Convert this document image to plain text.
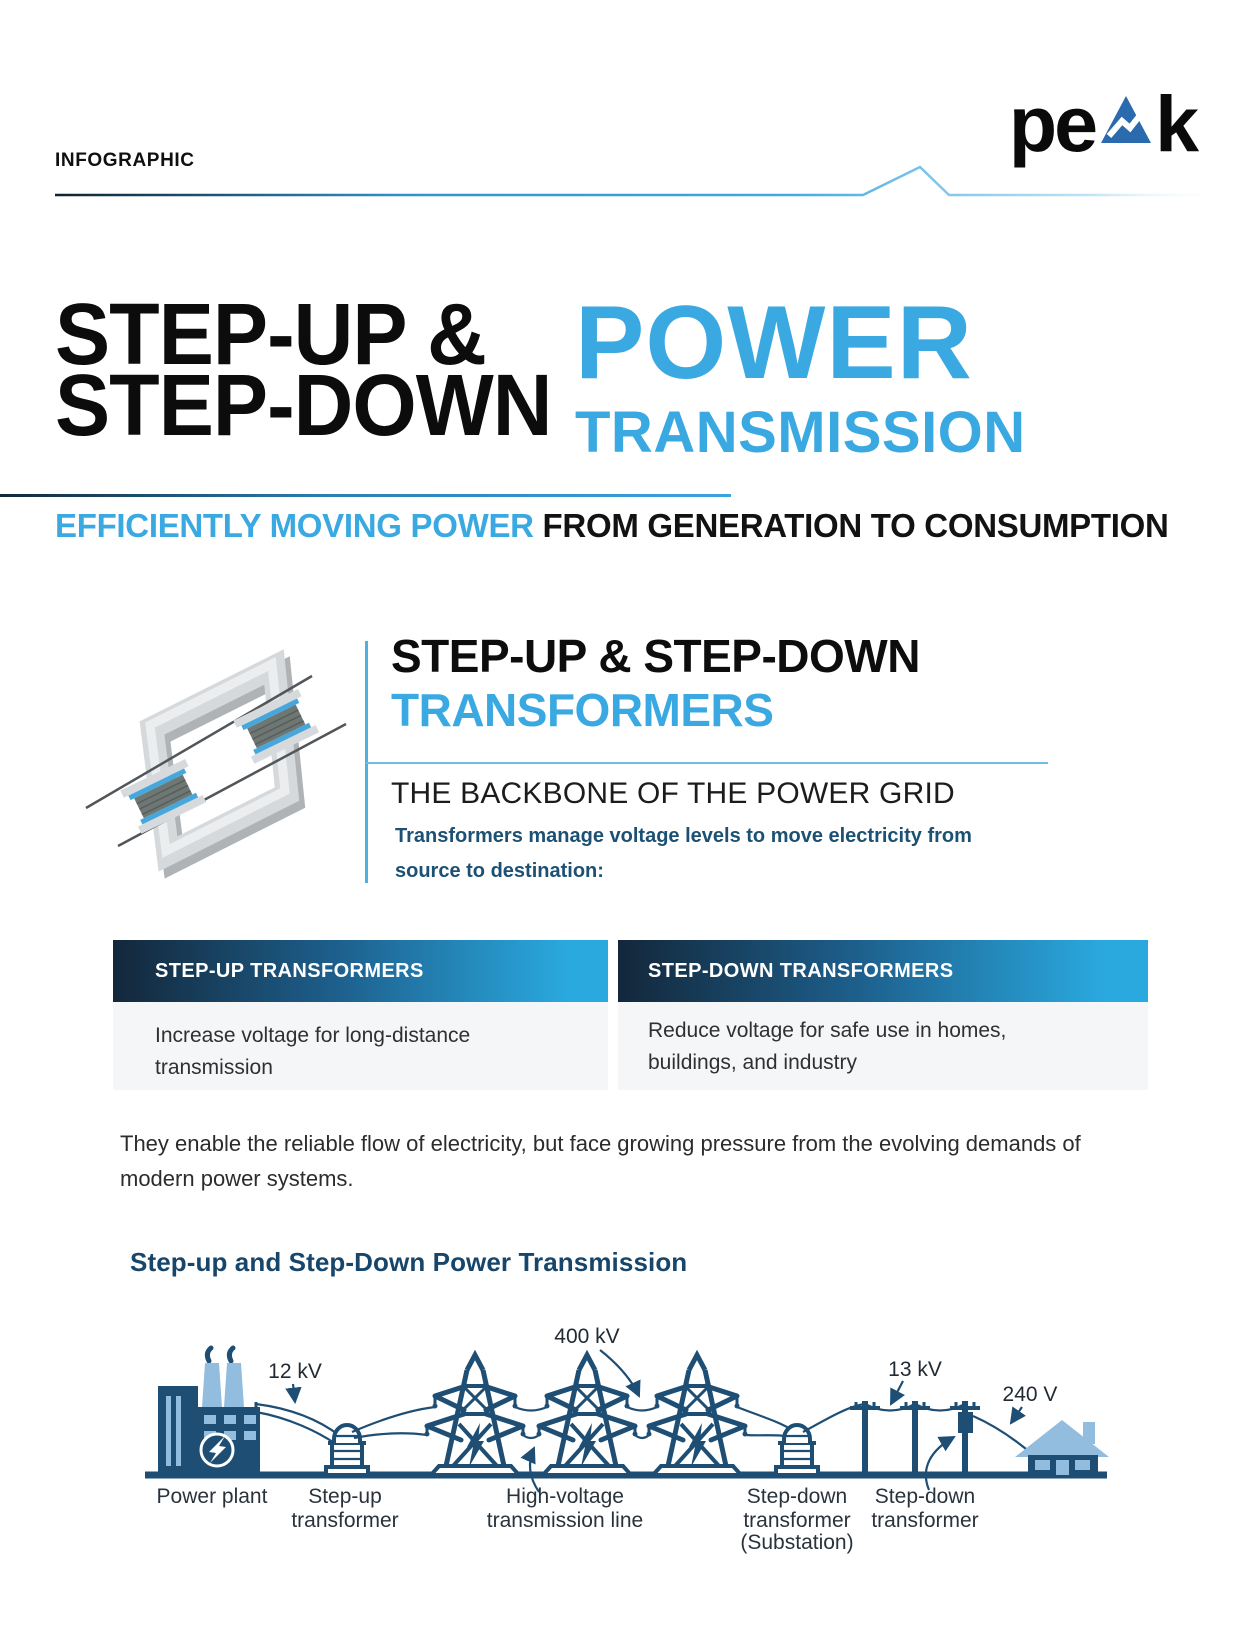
INFOGRAPHIC	pe k
STEP-UP &
STEP-DOWN
POWER
TRANSMISSION
EFFICIENTLY MOVING POWER FROM GENERATION TO CONSUMPTION
STEP-UP & STEP-DOWN
TRANSFORMERS
THE BACKBONE OF THE POWER GRID
Transformers manage voltage levels to move electricity from source to destination:
STEP-UP TRANSFORMERS
Increase voltage for long-distance transmission
STEP-DOWN TRANSFORMERS
Reduce voltage for safe use in homes, buildings, and industry
They enable the reliable flow of electricity, but face growing pressure from the evolving demands of modern power systems.
Step-up and Step-Down Power Transmission
12 kV
400 kV
13 kV
240 V
Power plant Step-up
transformer
High-voltage
transmission line
Step-down
transformer
(Substation)
Step-down
transformer
